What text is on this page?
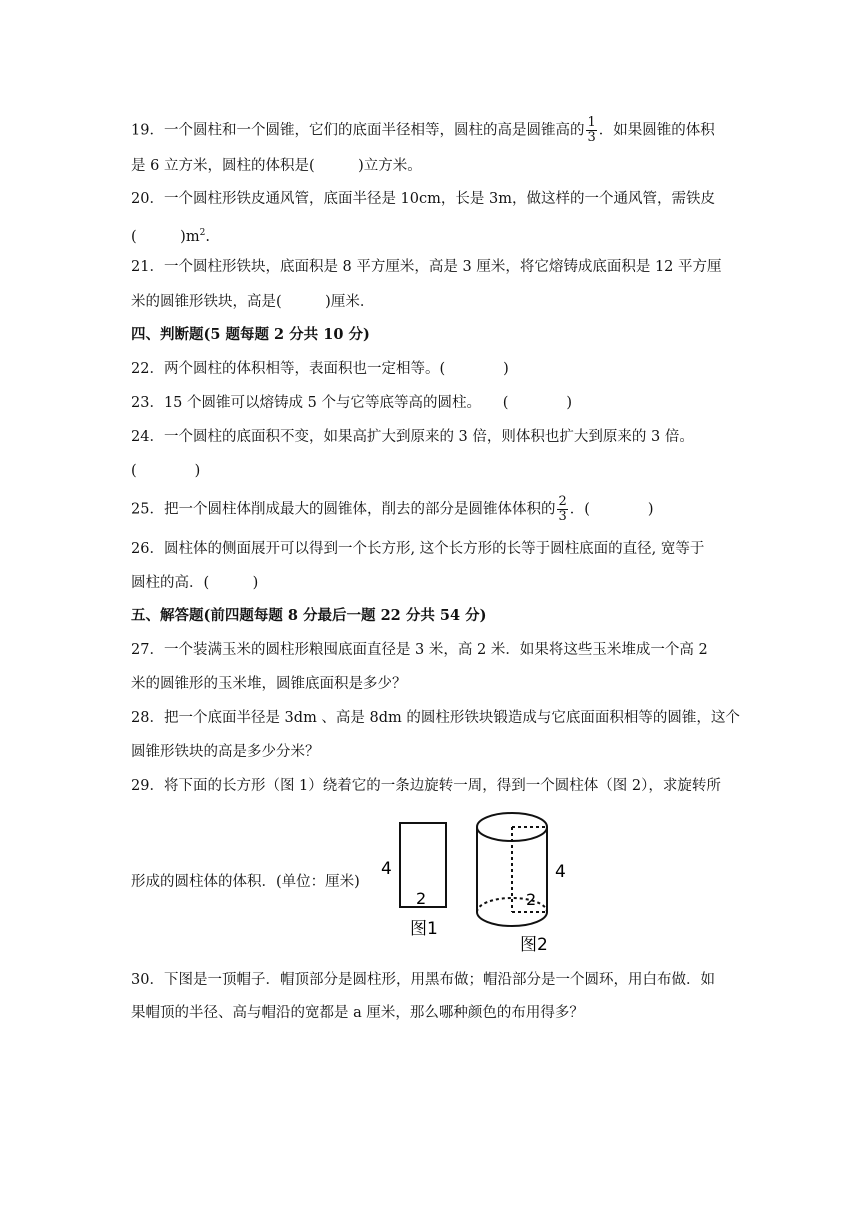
19．一个圆柱和一个圆锥，它们的底面半径相等，圆柱的高是圆锥高的 $\frac{1}{3}$ ．如果圆锥的体积
是 6 立方米，圆柱的体积是(　　　)立方米。
20．一个圆柱形铁皮通风管，底面半径是 10cm，长是 3m，做这样的一个通风管，需铁皮
(　　　)$m^2$.
21．一个圆柱形铁块，底面积是 8 平方厘米，高是 3 厘米，将它熔铸成底面积是 12 平方厘
米的圆锥形铁块，高是(　　　)厘米．
四、判断题(5 题每题 2 分共 10 分)
22．两个圆柱的体积相等，表面积也一定相等。(　　　　)
23．15 个圆锥可以熔铸成 5 个与它等底等高的圆柱。　　(　　　　)
24．一个圆柱的底面积不变，如果高扩大到原来的 3 倍，则体积也扩大到原来的 3 倍。
(　　　　)
25．把一个圆柱体削成最大的圆锥体，削去的部分是圆锥体体积的 $\frac{2}{3}$ ．(　　　　)
26．圆柱体的侧面展开可以得到一个长方形, 这个长方形的长等于圆柱底面的直径, 宽等于
圆柱的高．(　　　)
五、解答题(前四题每题 8 分最后一题 22 分共 54 分)
27．一个装满玉米的圆柱形粮囤底面直径是 3 米，高 2 米．如果将这些玉米堆成一个高 2
米的圆锥形的玉米堆，圆锥底面积是多少？
28．把一个底面半径是 3dm 、高是 8dm 的圆柱形铁块锻造成与它底面面积相等的圆锥，这个
圆锥形铁块的高是多少分米？
29．将下面的长方形（图 1）绕着它的一条边旋转一周，得到一个圆柱体（图 2），求旋转所
形成的圆柱体的体积．(单位：厘米)
4
2
图1
4
2
图2
30．下图是一顶帽子．帽顶部分是圆柱形，用黑布做；帽沿部分是一个圆环，用白布做．如
果帽顶的半径、高与帽沿的宽都是 a 厘米，那么哪种颜色的布用得多？
